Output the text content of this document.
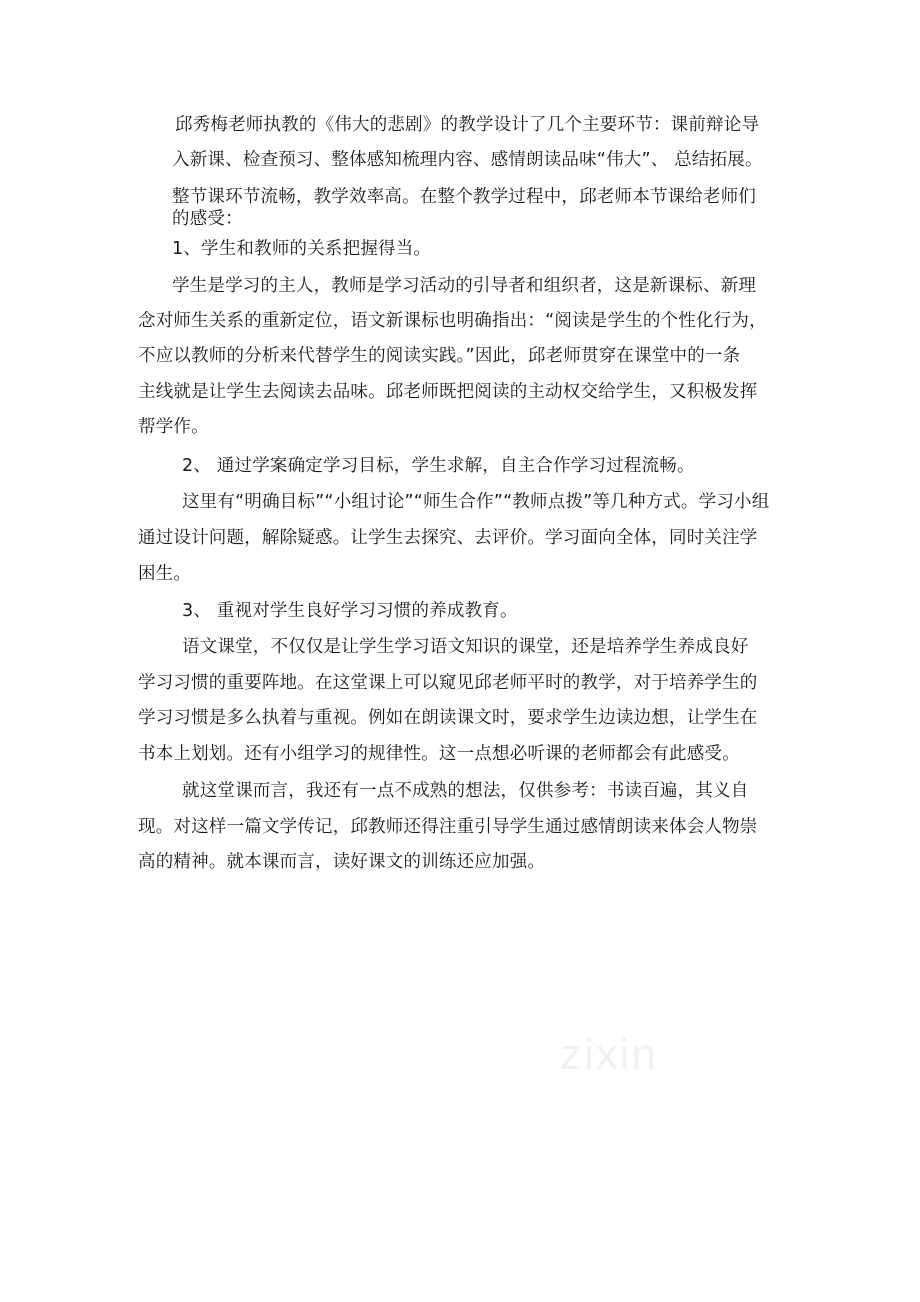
邱秀梅老师执教的《伟大的悲剧》的教学设计了几个主要环节：课前辩论导
入新课、检查预习、整体感知梳理内容、感情朗读品味“伟大”、 总结拓展。
整节课环节流畅，教学效率高。在整个教学过程中，邱老师本节课给老师们
的感受：
1、学生和教师的关系把握得当。
学生是学习的主人，教师是学习活动的引导者和组织者，这是新课标、新理
念对师生关系的重新定位，语文新课标也明确指出：“阅读是学生的个性化行为，
不应以教师的分析来代替学生的阅读实践。”因此，邱老师贯穿在课堂中的一条
主线就是让学生去阅读去品味。邱老师既把阅读的主动权交给学生，又积极发挥
帮学作。
2、 通过学案确定学习目标，学生求解，自主合作学习过程流畅。
这里有“明确目标”“小组讨论”“师生合作”“教师点拨”等几种方式。学习小组
通过设计问题，解除疑惑。让学生去探究、去评价。学习面向全体，同时关注学
困生。
3、 重视对学生良好学习习惯的养成教育。
语文课堂，不仅仅是让学生学习语文知识的课堂，还是培养学生养成良好
学习习惯的重要阵地。在这堂课上可以窥见邱老师平时的教学，对于培养学生的
学习习惯是多么执着与重视。例如在朗读课文时，要求学生边读边想，让学生在
书本上划划。还有小组学习的规律性。这一点想必听课的老师都会有此感受。
就这堂课而言，我还有一点不成熟的想法，仅供参考：书读百遍，其义自
现。对这样一篇文学传记，邱教师还得注重引导学生通过感情朗读来体会人物崇
高的精神。就本课而言，读好课文的训练还应加强。
zixin
